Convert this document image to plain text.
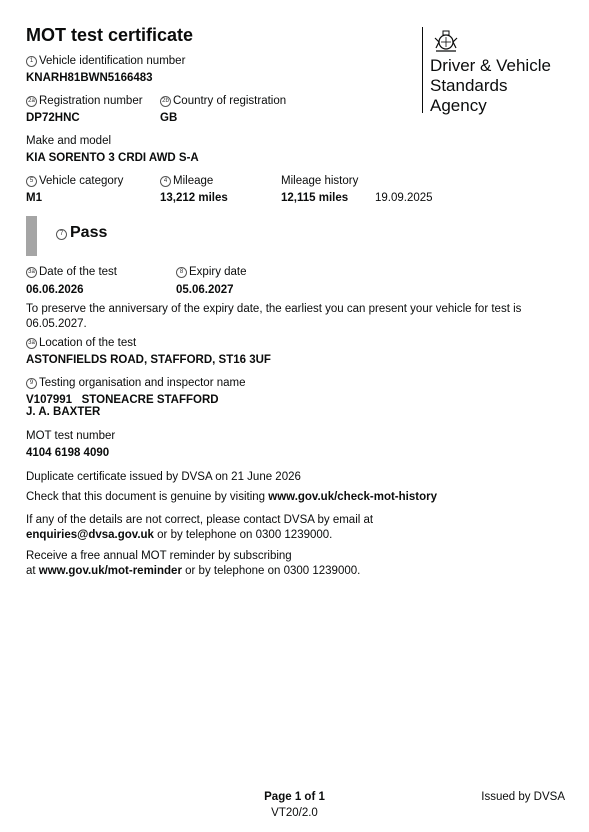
MOT test certificate
Driver & Vehicle
Standards
Agency
1 Vehicle identification number
KNARH81BWN5166483
2a Registration number
DP72HNC
2b Country of registration
GB
Make and model
KIA SORENTO 3 CRDI AWD S-A
5 Vehicle category
M1
4 Mileage
13,212 miles
Mileage history
12,115 miles 19.09.2025
7 Pass
3a Date of the test
06.06.2026
8 Expiry date
05.06.2027
To preserve the anniversary of the expiry date, the earliest you can present your vehicle for test is
06.05.2027.
3a Location of the test
ASTONFIELDS ROAD, STAFFORD, ST16 3UF
9 Testing organisation and inspector name
V107991   STONEACRE STAFFORD
J. A. BAXTER
MOT test number
4104 6198 4090
Duplicate certificate issued by DVSA on 21 June 2026
Check that this document is genuine by visiting www.gov.uk/check-mot-history
If any of the details are not correct, please contact DVSA by email at
enquiries@dvsa.gov.uk or by telephone on 0300 1239000.
Receive a free annual MOT reminder by subscribing
at www.gov.uk/mot-reminder or by telephone on 0300 1239000.
Page 1 of 1
VT20/2.0
Issued by DVSA
